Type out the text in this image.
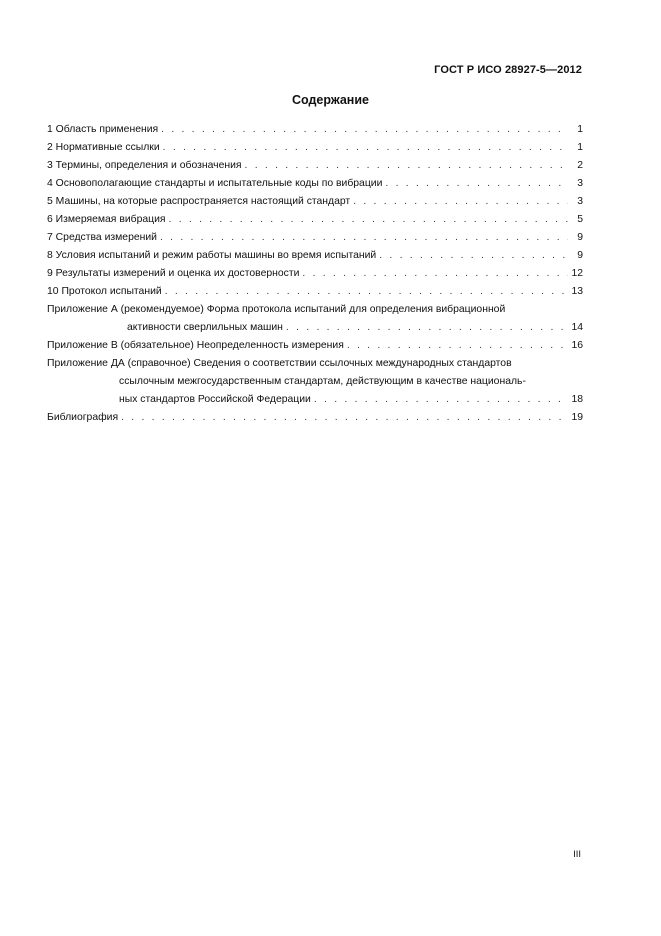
ГОСТ Р ИСО 28927-5—2012
Содержание
1 Область применения . . .	1
2 Нормативные ссылки . . .	1
3 Термины, определения и обозначения . . .	2
4 Основополагающие стандарты и испытательные коды по вибрации . . .	3
5 Машины, на которые распространяется настоящий стандарт . . .	3
6 Измеряемая вибрация . . .	5
7 Средства измерений . . .	9
8 Условия испытаний и режим работы машины во время испытаний . . .	9
9 Результаты измерений и оценка их достоверности . . .	12
10 Протокол испытаний . . .	13
Приложение А (рекомендуемое) Форма протокола испытаний для определения вибрационной
активности сверлильных машин . . .	14
Приложение В (обязательное) Неопределенность измерения . . .	16
Приложение ДА (справочное) Сведения о соответствии ссылочных международных стандартов
ссылочным межгосударственным стандартам, действующим в качестве националь-
ных стандартов Российской Федерации . . .	18
Библиография . . .	19
III
